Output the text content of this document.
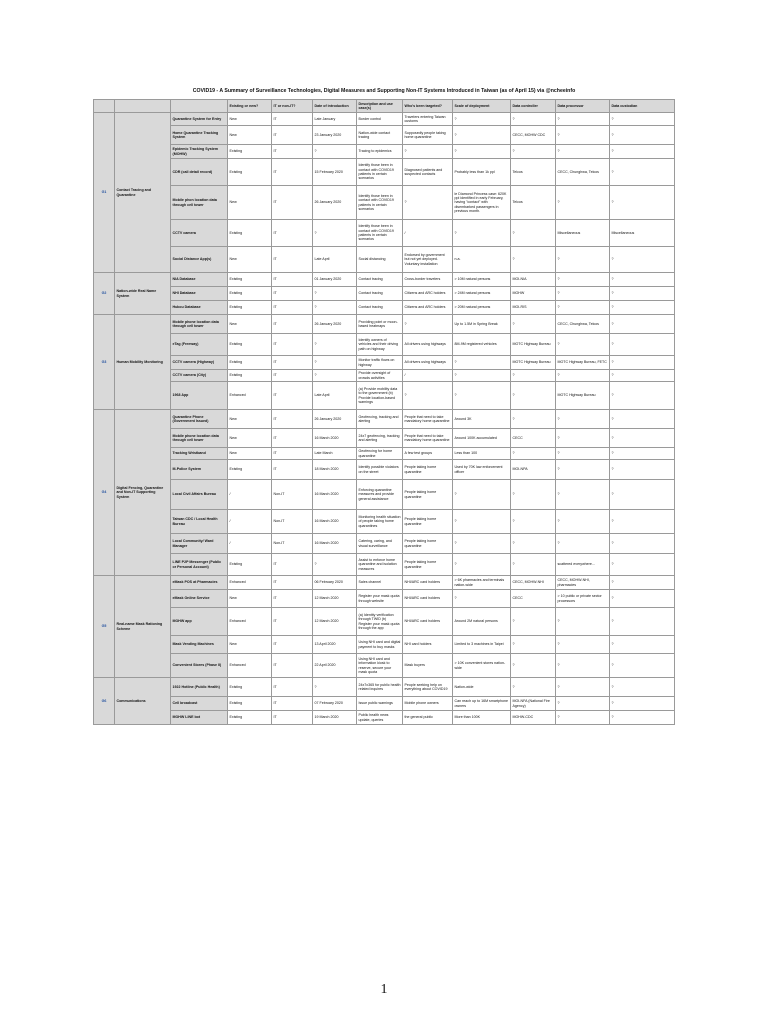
COVID19 - A Summary of Surveillance Technologies, Digital Measures and Supporting Non-IT Systems Introduced in Taiwan (as of April 15) via @ncheeinfo
			Existing or new?	IT or non-IT?	Date of introduction	Description and use case(s)	Who's been targeted?	Scale of deployment	Data controller	Data processor	Data custodian
G1	Contact Tracing and Quarantine	Quarantine System for Entry	New	IT	Late January	Border control	Travelers entering Taiwan customs	?	?	?	?
		Home Quarantine Tracking System	New	IT	23 January 2020	Nation-wide contact tracing	Supposedly people taking home quarantine	?	CECC, MOHW CDC	?	?
		Epidemic Tracking System (MOHW)	Existing	IT	?	Tracing to epidemics	?	?	?	?	?
		CDR (call detail record)	Existing	IT	15 February 2020	Identify those been in contact with COVID19 patients in certain scenarios	Diagnosed patients and suspected contacts	Probably less than 1k ppl	Telcos	CECC, Chunghwa, Telcos	?
		Mobile phon location data through cell tower	New	IT	26 January 2020	Identify those been in contact with COVID19 patients in certain scenarios	?	le Diamond Princess case: 620K ppl identified in early February, having "contact" with disembarked passengers in previous month.	Telcos	?	?
		CCTV camera	Existing	IT	?	Identify those been in contact with COVID19 patients in certain scenarios	/	?	?	Miscellaneous	Miscellaneous
		Social Distance App(s)	New	IT	Late April	Social distancing	Endorsed by government but not yet deployed. Voluntary installation	n.a.	?	?	?
G2	Nation-wide Real Name System	NIA Database	Existing	IT	01 January 2020	Contact tracing	Cross-border travelers	> 10M natural persons	MOI-NIA	?	?
		NHI Database	Existing	IT	?	Contact tracing	Citizens and ARC holders	> 24M natural persons	MOHW	?	?
		Hukou Database	Existing	IT	?	Contact tracing	Citizens and ARC holders	> 20M natural persons	MOI-RIS	?	?
G3	Human Mobility Monitoring	Mobile phone location data through cell tower	New	IT	26 January 2020	Providing point or moon-based heatmaps	?	Up to 1.5M in Spring Break	?	CECC, Chunghwa, Telcos	?
		eTag (Freeway)	Existing	IT	?	Identify owners of vehicles and their driving path on highway	All drivers using highways	8M-9M registered vehicles	MOTC Highway Bureau	?	?
		CCTV camera (Highway)	Existing	IT	?	Monitor traffic flows on highway	All drivers using highways	?	MOTC Highway Bureau	MOTC Highway Bureau, FETC	?
		CCTV camera (City)	Existing	IT	?	Provide oversight of crowds activities	/	?	?	?	?
		1968 App	Enhanced	IT	Late April	(a) Provide mobility data to the government (b) Provide location-based warnings	?	?	?	MOTC Highway Bureau	?
G4	Digital Fencing, Quarantine and Non-IT Supporting System	Quarantine Phone (Government Issued)	New	IT	26 January 2020	Geofencing, tracking and alerting	People that need to take mandatory home quarantine	Around 3K	?	?	?
		Mobile phone location data through cell tower	New	IT	16 March 2020	24x7 geofencing, tracking and alerting	People that need to take mandatory home quarantine	Around 100K accumulated	CECC	?	?
		Tracking Wristband	New	IT	Late March	Geofencing for home quarantine	A few test groups	Less than 100	?	?	?
		M-Police System	Existing	IT	18 March 2020	Identify possible violators on the street	People taking home quarantine	Used by 70K law enforcement officer	MOI-NPA	?	?
		Local Civil Affairs Bureau	/	Non-IT	16 March 2020	Enforcing quarantine measures and provide general assistance	People taking home quarantine	?	?	?	?
		Taiwan CDC / Local Health Bureau	/	Non-IT	16 March 2020	Monitoring health situation of people taking home quarantines	People taking home quarantine	?	?	?	?
		Local Community/ Ward Manager	/	Non-IT	16 March 2020	Catering, caring, and visual surveillance	People taking home quarantine	?	?	?	?
		LINE P2P Messenger (Public or Personal Account)	Existing	IT	?	Assist to enforce home quarantine and isolation measures	People taking home quarantine	?	?	scattered everywhere...	?
G5	Real-name Mask Rationing Scheme	eMask POS at Pharmacies	Enhanced	IT	06 February 2020	Sales channel	NHI/ARC card holders	> 6K pharmacies and terminals nation-wide	CECC, MOHW-NHI	CECC, MOHW-NHI, pharmacies	?
		eMask Online Service	New	IT	12 March 2020	Register your mask quota through website	NHI/ARC card holders	?	CECC	> 10 public or private sector processors	?
		MOHW app	Enhanced	IT	12 March 2020	(a) Identity verification through TWID (b) Register your mask quota through the app	NHI/ARC card holders	Around 2M natural persons	?	?	?
		Mask Vending Machines	New	IT	13 April 2020	Using NHI card and digital payment to buy masks	NHI card holders	Limited to 3 machines in Taipei	?	?	?
		Convenient Stores (Phase II)	Enhanced	IT	22 April 2020	Using NHI card and information kiosk to reserve, secure your mask quota	Mask buyers	> 10K convenient stores nation-wide	?	?	?
G6	Communications	1922 Hotline (Public Health)	Existing	IT	?	24x7x365 for public health related inquires	People seeking help on everything about COVID19	Nation-wide	?	?	?
		Cell broadcast	Existing	IT	07 February 2020	Issue public warnings	Mobile phone owners	Can reach up to 16M smartphone owners	MOI-NFA (National Fire Agency)	?	?
		MOHW LINE bot	Existing	IT	19 March 2020	Public health news update, queries	the general public	More than 100K	MOHW-CDC	?	?
1
